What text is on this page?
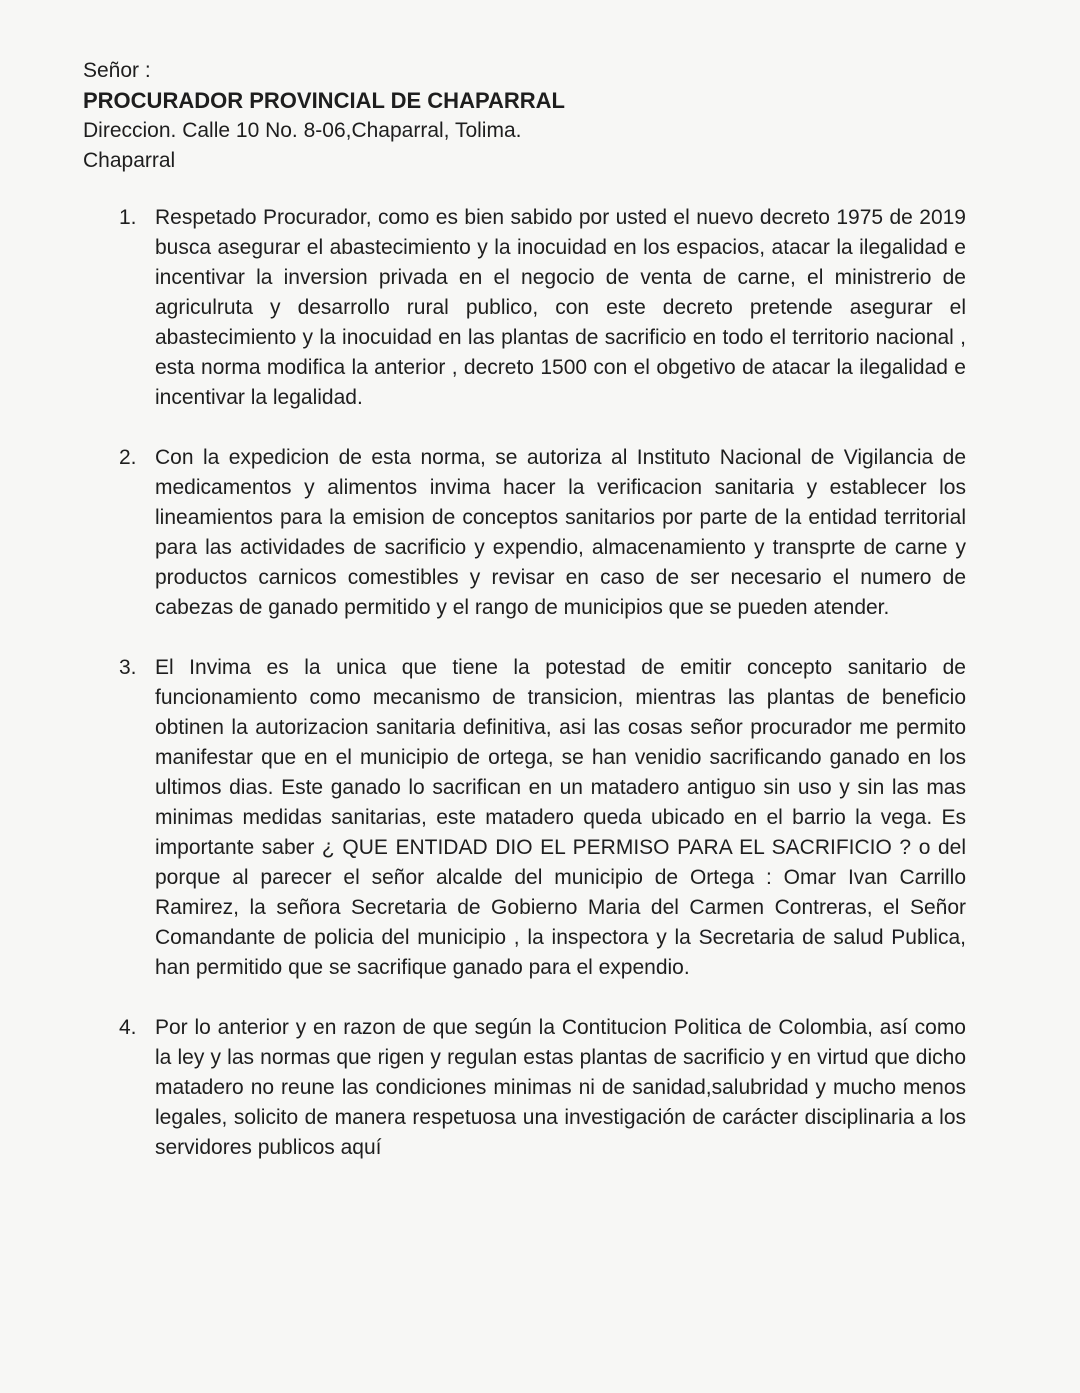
Señor :
PROCURADOR PROVINCIAL DE CHAPARRAL
Direccion. Calle 10 No. 8-06,Chaparral, Tolima.
Chaparral
1. Respetado Procurador, como es bien sabido por usted el nuevo decreto 1975 de 2019 busca asegurar el abastecimiento y la inocuidad en los espacios, atacar la ilegalidad e incentivar la inversion privada en el negocio de venta de carne, el ministrerio de agriculruta y desarrollo rural publico, con este decreto pretende asegurar el abastecimiento y la inocuidad en las plantas de sacrificio en todo el territorio nacional , esta norma modifica la anterior , decreto 1500 con el obgetivo de atacar la ilegalidad e incentivar la legalidad.

2. Con la expedicion de esta norma, se autoriza al Instituto Nacional de Vigilancia de medicamentos y alimentos invima hacer la verificacion sanitaria y establecer los lineamientos para la emision de conceptos sanitarios por parte de la entidad territorial para las actividades de sacrificio y expendio, almacenamiento y transprte de carne y productos carnicos comestibles y revisar en caso de ser necesario el numero de cabezas de ganado permitido y el rango de municipios que se pueden atender.

3. El Invima es la unica que tiene la potestad de emitir concepto sanitario de funcionamiento como mecanismo de transicion, mientras las plantas de beneficio obtinen la autorizacion sanitaria definitiva, asi las cosas señor procurador me permito manifestar que en el municipio de ortega, se han venidio sacrificando ganado en los ultimos dias. Este ganado lo sacrifican en un matadero antiguo sin uso y sin las mas minimas medidas sanitarias, este matadero queda ubicado en el barrio la vega. Es importante saber ¿ QUE ENTIDAD DIO EL PERMISO PARA EL SACRIFICIO ? o del porque al parecer el señor alcalde del municipio de Ortega : Omar Ivan Carrillo Ramirez, la señora Secretaria de Gobierno Maria del Carmen Contreras, el Señor Comandante de policia del municipio , la inspectora y la Secretaria de salud Publica, han permitido que se sacrifique ganado para el expendio.

4. Por lo anterior y en razon de que según la Contitucion Politica de Colombia, así como la ley y las normas que rigen y regulan estas plantas de sacrificio y en virtud que dicho matadero no reune las condiciones minimas ni de sanidad,salubridad y mucho menos legales, solicito de manera respetuosa una investigación de carácter disciplinaria a los servidores publicos aquí
